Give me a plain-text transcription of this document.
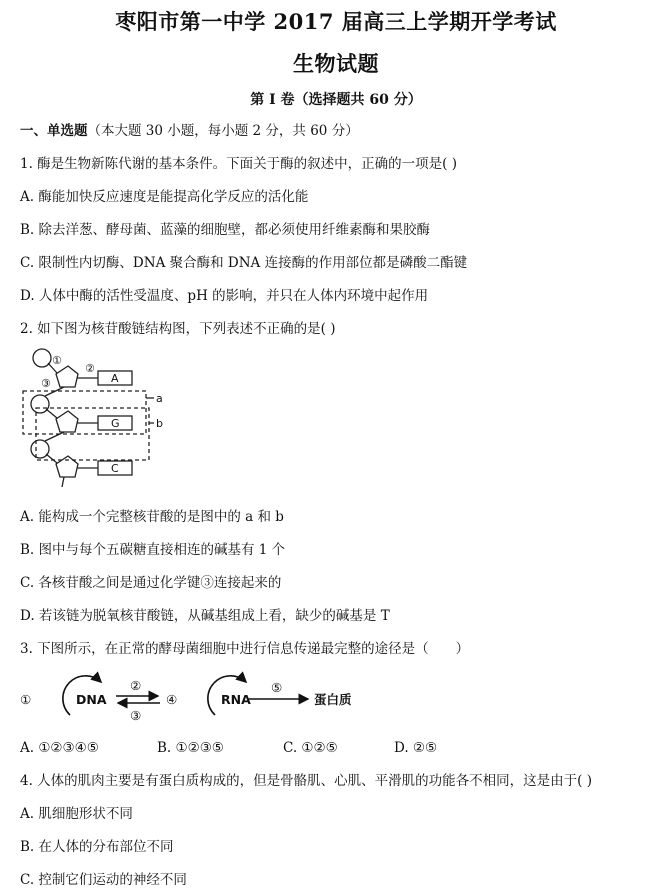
枣阳市第一中学 2017 届高三上学期开学考试
生物试题
第 I 卷（选择题共 60 分）
一、单选题（本大题 30 小题，每小题 2 分，共 60 分）
1. 酶是生物新陈代谢的基本条件。下面关于酶的叙述中，正确的一项是( )
A. 酶能加快反应速度是能提高化学反应的活化能
B. 除去洋葱、酵母菌、蓝藻的细胞壁，都必须使用纤维素酶和果胶酶
C. 限制性内切酶、DNA 聚合酶和 DNA 连接酶的作用部位都是磷酸二酯键
D. 人体中酶的活性受温度、pH 的影响，并只在人体内环境中起作用
2. 如下图为核苷酸链结构图，下列表述不正确的是( )
①
②
③	A
G
C
a
b
A. 能构成一个完整核苷酸的是图中的 a 和 b
B. 图中与每个五碳糖直接相连的碱基有 1 个
C. 各核苷酸之间是通过化学键③连接起来的
D. 若该链为脱氧核苷酸链，从碱基组成上看，缺少的碱基是 T
3. 下图所示，在正常的酵母菌细胞中进行信息传递最完整的途径是（　　）
①	DNA
②
③
④	RNA
⑤
蛋白质
A. ①②③④⑤	B. ①②③⑤	C. ①②⑤	D. ②⑤
4. 人体的肌肉主要是有蛋白质构成的，但是骨骼肌、心肌、平滑肌的功能各不相同，这是由于( )
A. 肌细胞形状不同
B. 在人体的分布部位不同
C. 控制它们运动的神经不同
